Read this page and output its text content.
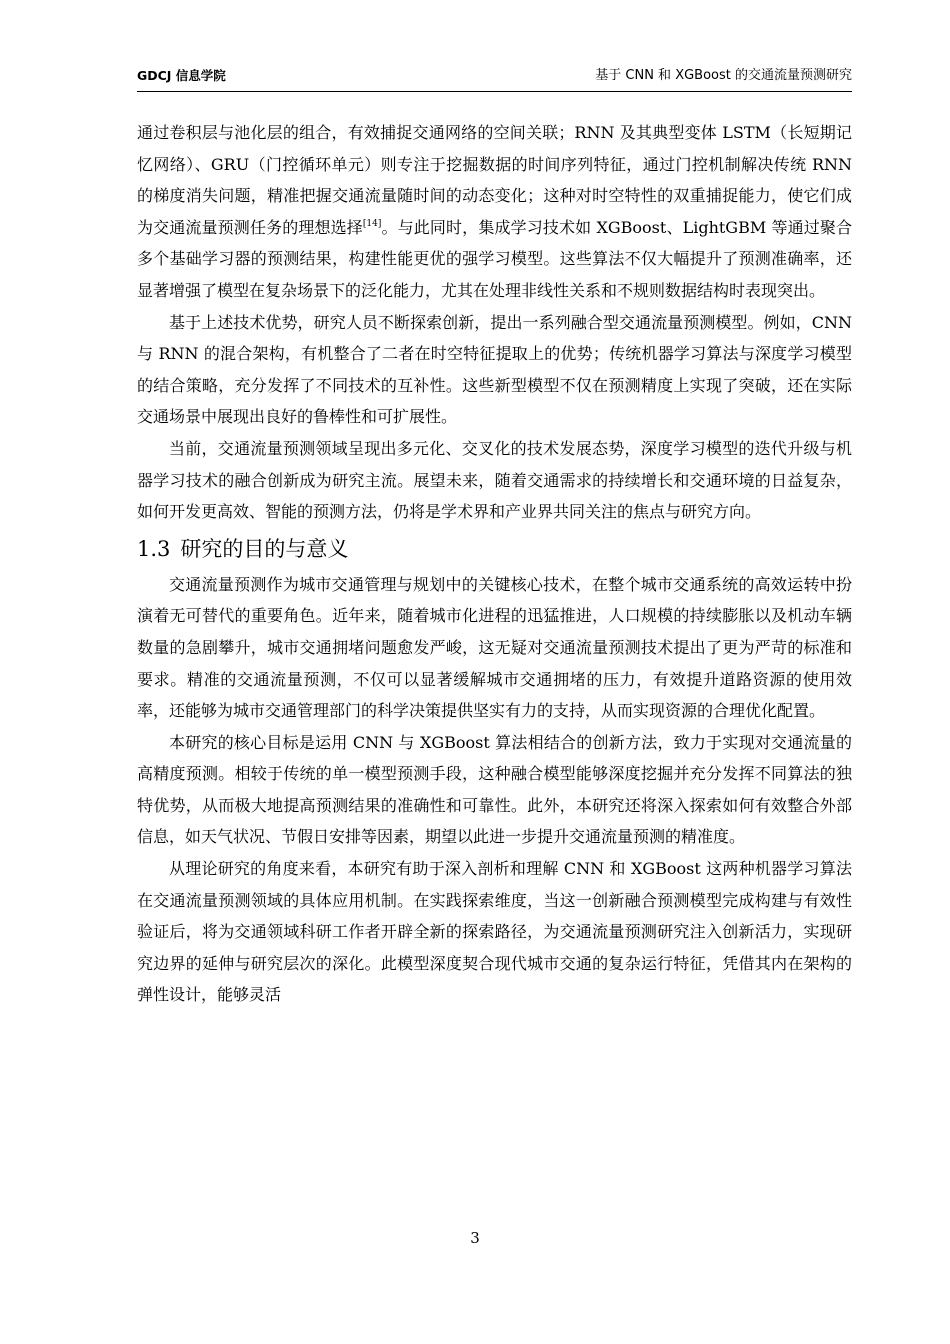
GDCJ 信息学院	基于 CNN 和 XGBoost 的交通流量预测研究

通过卷积层与池化层的组合，有效捕捉交通网络的空间关联；RNN 及其典型变体 LSTM（长短期记忆网络）、GRU（门控循环单元）则专注于挖掘数据的时间序列特征，通过门控机制解决传统 RNN 的梯度消失问题，精准把握交通流量随时间的动态变化；这种对时空特性的双重捕捉能力，使它们成为交通流量预测任务的理想选择[14]。与此同时，集成学习技术如 XGBoost、LightGBM 等通过聚合多个基础学习器的预测结果，构建性能更优的强学习模型。这些算法不仅大幅提升了预测准确率，还显著增强了模型在复杂场景下的泛化能力，尤其在处理非线性关系和不规则数据结构时表现突出。

基于上述技术优势，研究人员不断探索创新，提出一系列融合型交通流量预测模型。例如，CNN 与 RNN 的混合架构，有机整合了二者在时空特征提取上的优势；传统机器学习算法与深度学习模型的结合策略，充分发挥了不同技术的互补性。这些新型模型不仅在预测精度上实现了突破，还在实际交通场景中展现出良好的鲁棒性和可扩展性。

当前，交通流量预测领域呈现出多元化、交叉化的技术发展态势，深度学习模型的迭代升级与机器学习技术的融合创新成为研究主流。展望未来，随着交通需求的持续增长和交通环境的日益复杂，如何开发更高效、智能的预测方法，仍将是学术界和产业界共同关注的焦点与研究方向。

1.3 研究的目的与意义

交通流量预测作为城市交通管理与规划中的关键核心技术，在整个城市交通系统的高效运转中扮演着无可替代的重要角色。近年来，随着城市化进程的迅猛推进，人口规模的持续膨胀以及机动车辆数量的急剧攀升，城市交通拥堵问题愈发严峻，这无疑对交通流量预测技术提出了更为严苛的标准和要求。精准的交通流量预测，不仅可以显著缓解城市交通拥堵的压力，有效提升道路资源的使用效率，还能够为城市交通管理部门的科学决策提供坚实有力的支持，从而实现资源的合理优化配置。

本研究的核心目标是运用 CNN 与 XGBoost 算法相结合的创新方法，致力于实现对交通流量的高精度预测。相较于传统的单一模型预测手段，这种融合模型能够深度挖掘并充分发挥不同算法的独特优势，从而极大地提高预测结果的准确性和可靠性。此外，本研究还将深入探索如何有效整合外部信息，如天气状况、节假日安排等因素，期望以此进一步提升交通流量预测的精准度。

从理论研究的角度来看，本研究有助于深入剖析和理解 CNN 和 XGBoost 这两种机器学习算法在交通流量预测领域的具体应用机制。在实践探索维度，当这一创新融合预测模型完成构建与有效性验证后，将为交通领域科研工作者开辟全新的探索路径，为交通流量预测研究注入创新活力，实现研究边界的延伸与研究层次的深化。此模型深度契合现代城市交通的复杂运行特征，凭借其内在架构的弹性设计，能够灵活

3
